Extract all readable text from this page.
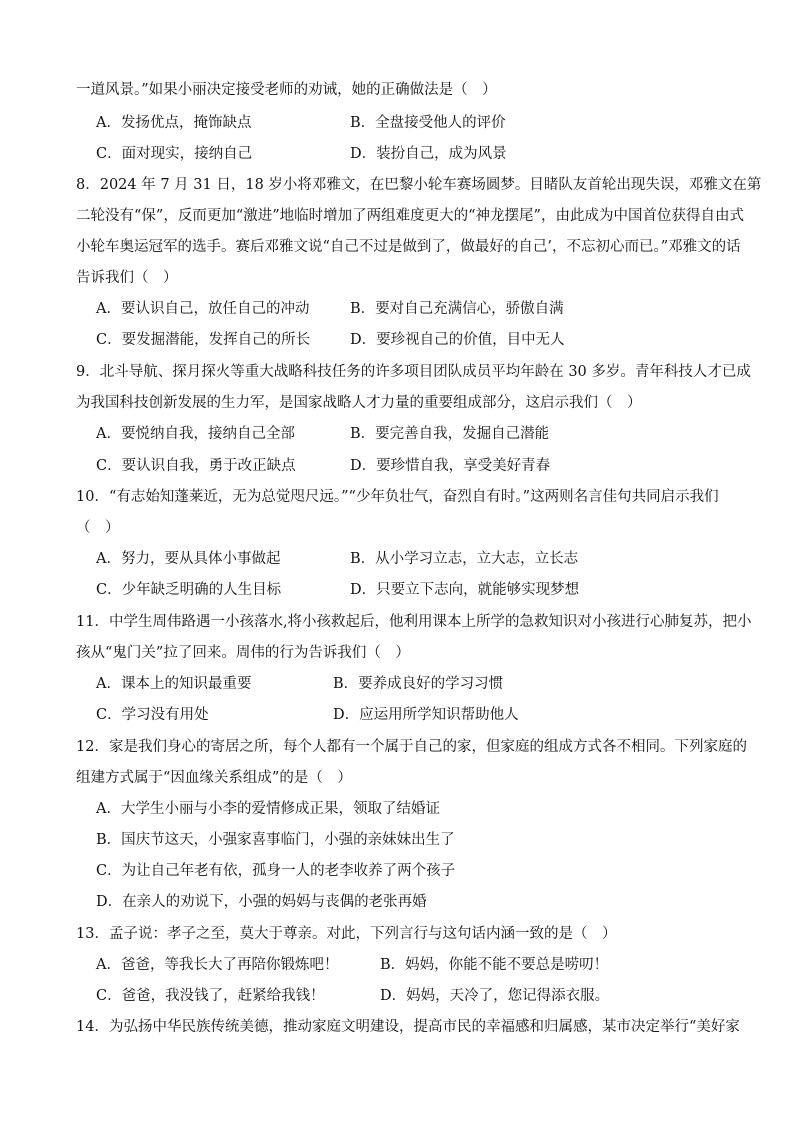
一道风景。”如果小丽决定接受老师的劝诫，她的正确做法是（　）
A．发扬优点，掩饰缺点	B．全盘接受他人的评价
C．面对现实，接纳自己	D．装扮自己，成为风景
8．2024 年 7 月 31 日，18 岁小将邓雅文，在巴黎小轮车赛场圆梦。目睹队友首轮出现失误，邓雅文在第
二轮没有“保”，反而更加“激进”地临时增加了两组难度更大的“神龙摆尾”，由此成为中国首位获得自由式
小轮车奥运冠军的选手。赛后邓雅文说“自己不过是做到了，做最好的自己’，不忘初心而已。”邓雅文的话
告诉我们（　）
A．要认识自己，放任自己的冲动	B．要对自己充满信心，骄傲自满
C．要发掘潜能，发挥自己的所长	D．要珍视自己的价值，目中无人
9．北斗导航、探月探火等重大战略科技任务的许多项目团队成员平均年龄在 30 多岁。青年科技人才已成
为我国科技创新发展的生力军，是国家战略人才力量的重要组成部分，这启示我们（　）
A．要悦纳自我，接纳自己全部	B．要完善自我，发掘自己潜能
C．要认识自我，勇于改正缺点	D．要珍惜自我，享受美好青春
10．“有志始知蓬莱近，无为总觉咫尺远。”“少年负壮气，奋烈自有时。”这两则名言佳句共同启示我们
（　）
A．努力，要从具体小事做起	B．从小学习立志，立大志，立长志
C．少年缺乏明确的人生目标	D．只要立下志向，就能够实现梦想
11．中学生周伟路遇一小孩落水,将小孩救起后，他利用课本上所学的急救知识对小孩进行心肺复苏，把小
孩从“鬼门关”拉了回来。周伟的行为告诉我们（　）
A．课本上的知识最重要	B．要养成良好的学习习惯
C．学习没有用处	D．应运用所学知识帮助他人
12．家是我们身心的寄居之所，每个人都有一个属于自己的家，但家庭的组成方式各不相同。下列家庭的
组建方式属于“因血缘关系组成”的是（　）
A．大学生小丽与小李的爱情修成正果，领取了结婚证
B．国庆节这天，小强家喜事临门，小强的亲妹妹出生了
C．为让自己年老有依，孤身一人的老李收养了两个孩子
D．在亲人的劝说下，小强的妈妈与丧偶的老张再婚
13．孟子说：孝子之至，莫大于尊亲。对此，下列言行与这句话内涵一致的是（　）
A．爸爸，等我长大了再陪你锻炼吧！	B．妈妈，你能不能不要总是唠叨！
C．爸爸，我没钱了，赶紧给我钱！	D．妈妈，天冷了，您记得添衣服。
14．为弘扬中华民族传统美德，推动家庭文明建设，提高市民的幸福感和归属感，某市决定举行“美好家
